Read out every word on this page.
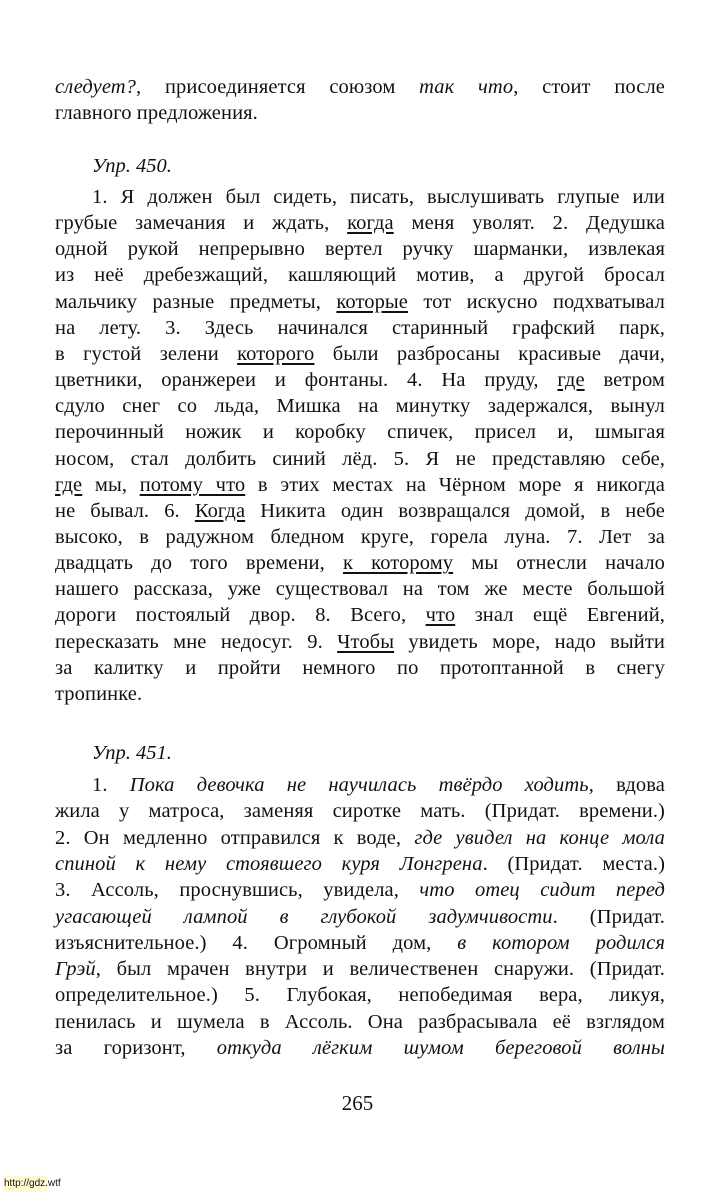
следует?, присоединяется союзом так что, стоит после
главного предложения.
Упр. 450.
1. Я должен был сидеть, писать, выслушивать глупые или
грубые замечания и ждать, когда меня уволят. 2. Дедушка
одной рукой непрерывно вертел ручку шарманки, извлекая
из неё дребезжащий, кашляющий мотив, а другой бросал
мальчику разные предметы, которые тот искусно подхватывал
на лету. 3. Здесь начинался старинный графский парк,
в густой зелени которого были разбросаны красивые дачи,
цветники, оранжереи и фонтаны. 4. На пруду, где ветром
сдуло снег со льда, Мишка на минутку задержался, вынул
перочинный ножик и коробку спичек, присел и, шмыгая
носом, стал долбить синий лёд. 5. Я не представляю себе,
где мы, потому что в этих местах на Чёрном море я никогда
не бывал. 6. Когда Никита один возвращался домой, в небе
высоко, в радужном бледном круге, горела луна. 7. Лет за
двадцать до того времени, к которому мы отнесли начало
нашего рассказа, уже существовал на том же месте большой
дороги постоялый двор. 8. Всего, что знал ещё Евгений,
пересказать мне недосуг. 9. Чтобы увидеть море, надо выйти
за калитку и пройти немного по протоптанной в снегу
тропинке.
Упр. 451.
1. Пока девочка не научилась твёрдо ходить, вдова
жила у матроса, заменяя сиротке мать. (Придат. времени.)
2. Он медленно отправился к воде, где увидел на конце мола
спиной к нему стоявшего куря Лонгрена. (Придат. места.)
3. Ассоль, проснувшись, увидела, что отец сидит перед
угасающей лампой в глубокой задумчивости. (Придат.
изъяснительное.) 4. Огромный дом, в котором родился
Грэй, был мрачен внутри и величественен снаружи. (Придат.
определительное.) 5. Глубокая, непобедимая вера, ликуя,
пенилась и шумела в Ассоль. Она разбрасывала её взглядом
за горизонт, откуда лёгким шумом береговой волны
265
http://gdz.wtf
